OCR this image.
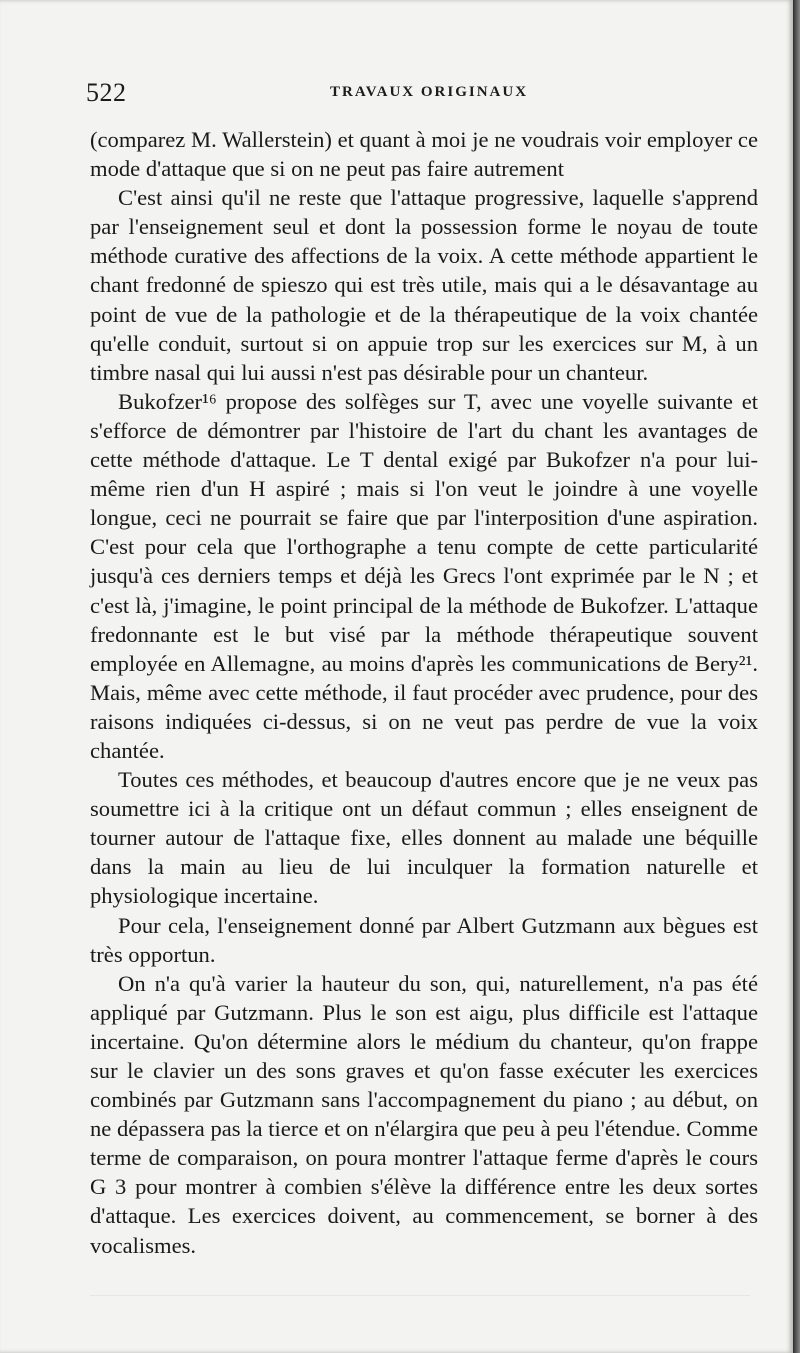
522	TRAVAUX ORIGINAUX

(comparez M. Wallerstein) et quant à moi je ne voudrais voir employer ce mode d'attaque que si on ne peut pas faire autrement

C'est ainsi qu'il ne reste que l'attaque progressive, laquelle s'apprend par l'enseignement seul et dont la possession forme le noyau de toute méthode curative des affections de la voix. A cette méthode appartient le chant fredonné de spieszo qui est très utile, mais qui a le désavantage au point de vue de la pathologie et de la thérapeutique de la voix chantée qu'elle conduit, surtout si on appuie trop sur les exercices sur M, à un timbre nasal qui lui aussi n'est pas désirable pour un chanteur.

Bukofzer¹⁶ propose des solfèges sur T, avec une voyelle suivante et s'efforce de démontrer par l'histoire de l'art du chant les avantages de cette méthode d'attaque. Le T dental exigé par Bukofzer n'a pour lui-même rien d'un H aspiré ; mais si l'on veut le joindre à une voyelle longue, ceci ne pourrait se faire que par l'interposition d'une aspiration. C'est pour cela que l'orthographe a tenu compte de cette particularité jusqu'à ces derniers temps et déjà les Grecs l'ont exprimée par le N ; et c'est là, j'imagine, le point principal de la méthode de Bukofzer. L'attaque fredonnante est le but visé par la méthode thérapeutique souvent employée en Allemagne, au moins d'après les communications de Bery²¹. Mais, même avec cette méthode, il faut procéder avec prudence, pour des raisons indiquées ci-dessus, si on ne veut pas perdre de vue la voix chantée.

Toutes ces méthodes, et beaucoup d'autres encore que je ne veux pas soumettre ici à la critique ont un défaut commun ; elles enseignent de tourner autour de l'attaque fixe, elles donnent au malade une béquille dans la main au lieu de lui inculquer la formation naturelle et physiologique incertaine.

Pour cela, l'enseignement donné par Albert Gutzmann aux bègues est très opportun.

On n'a qu'à varier la hauteur du son, qui, naturellement, n'a pas été appliqué par Gutzmann. Plus le son est aigu, plus difficile est l'attaque incertaine. Qu'on détermine alors le médium du chanteur, qu'on frappe sur le clavier un des sons graves et qu'on fasse exécuter les exercices combinés par Gutzmann sans l'accompagnement du piano ; au début, on ne dépassera pas la tierce et on n'élargira que peu à peu l'étendue. Comme terme de comparaison, on poura montrer l'attaque ferme d'après le cours G 3 pour montrer à combien s'élève la différence entre les deux sortes d'attaque. Les exercices doivent, au commencement, se borner à des vocalismes.
